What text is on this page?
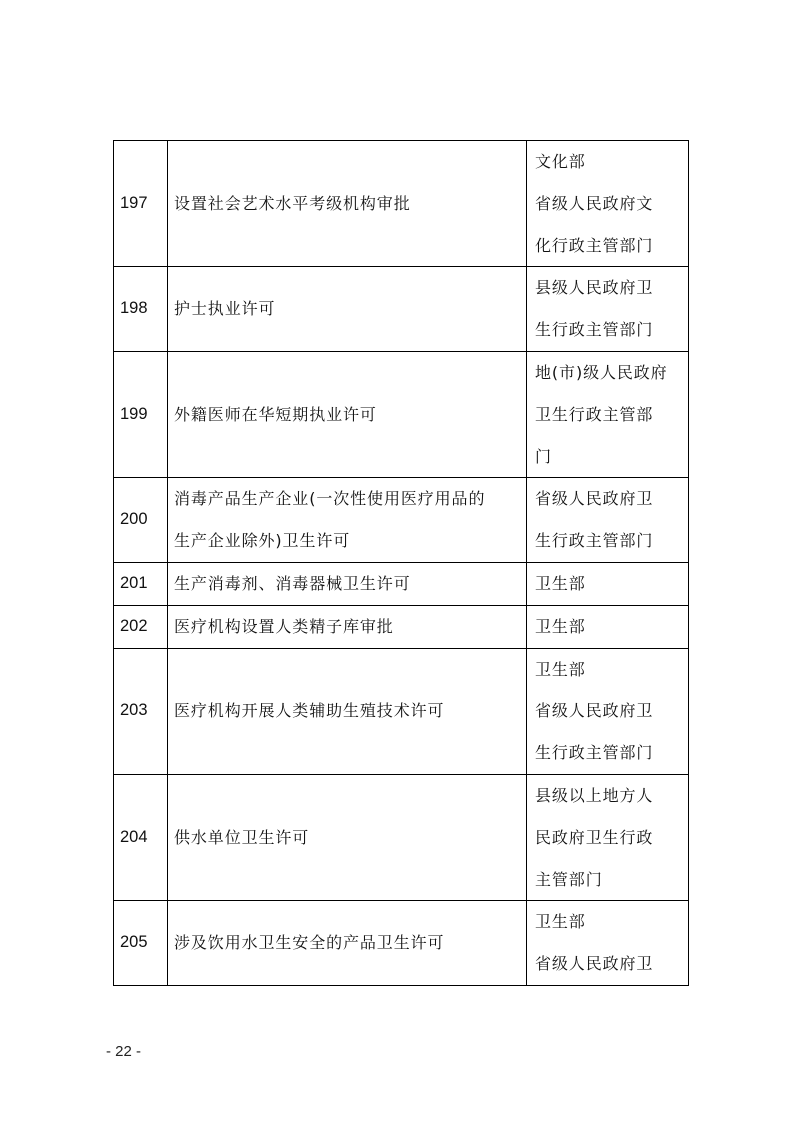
197	设置社会艺术水平考级机构审批	文化部
省级人民政府文
化行政主管部门

198	护士执业许可	县级人民政府卫
生行政主管部门

199	外籍医师在华短期执业许可	地(市)级人民政府
卫生行政主管部
门

200	消毒产品生产企业(一次性使用医疗用品的
生产企业除外)卫生许可	省级人民政府卫
生行政主管部门

201	生产消毒剂、消毒器械卫生许可	卫生部

202	医疗机构设置人类精子库审批	卫生部

203	医疗机构开展人类辅助生殖技术许可	卫生部
省级人民政府卫
生行政主管部门

204	供水单位卫生许可	县级以上地方人
民政府卫生行政
主管部门

205	涉及饮用水卫生安全的产品卫生许可	卫生部
省级人民政府卫
- 22 -
